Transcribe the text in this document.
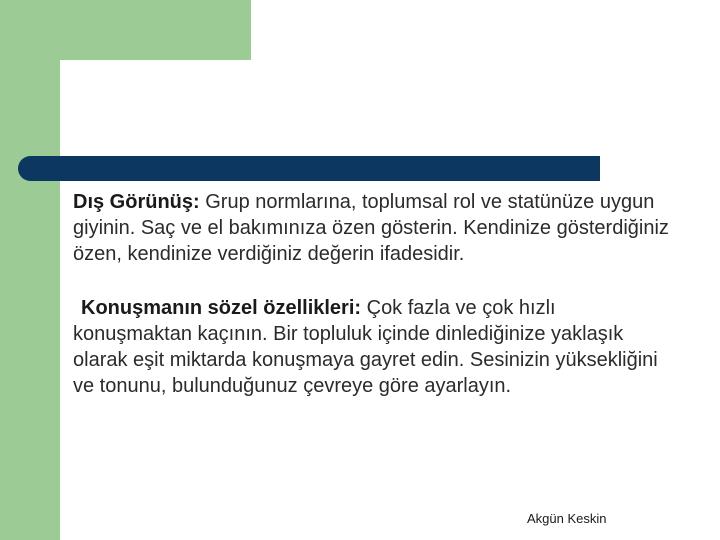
Dış Görünüş: Grup normlarına, toplumsal rol ve statünüze uygun giyinin. Saç ve el bakımınıza özen gösterin. Kendinize gösterdiğiniz özen, kendinize verdiğiniz değerin ifadesidir.

Konuşmanın sözel özellikleri: Çok fazla ve çok hızlı konuşmaktan kaçının. Bir topluluk içinde dinlediğinize yaklaşık olarak eşit miktarda konuşmaya gayret edin. Sesinizin yüksekliğini ve tonunu, bulunduğunuz çevreye göre ayarlayın.

Akgün Keskin
